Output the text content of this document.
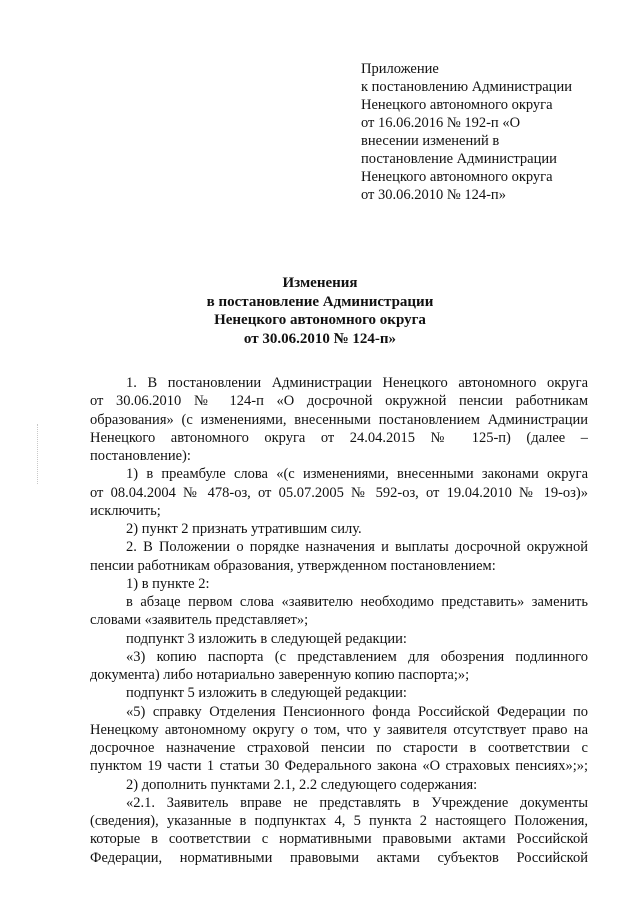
Приложение
к постановлению Администрации
Ненецкого автономного округа
от 16.06.2016 № 192-п «О
внесении изменений в
постановление Администрации
Ненецкого автономного округа
от 30.06.2010 № 124-п»
Изменения
в постановление Администрации
Ненецкого автономного округа
от 30.06.2010 № 124-п»
1. В постановлении Администрации Ненецкого автономного округа
от 30.06.2010 № 124-п «О досрочной окружной пенсии работникам
образования» (с изменениями, внесенными постановлением Администрации
Ненецкого автономного округа от 24.04.2015 № 125-п) (далее –
постановление):
1) в преамбуле слова «(с изменениями, внесенными законами округа
от 08.04.2004 № 478-оз, от 05.07.2005 № 592-оз, от 19.04.2010 № 19-оз)»
исключить;
2) пункт 2 признать утратившим силу.
2. В Положении о порядке назначения и выплаты досрочной окружной
пенсии работникам образования, утвержденном постановлением:
1) в пункте 2:
в абзаце первом слова «заявителю необходимо представить» заменить
словами «заявитель представляет»;
подпункт 3 изложить в следующей редакции:
«3) копию паспорта (с представлением для обозрения подлинного
документа) либо нотариально заверенную копию паспорта;»;
подпункт 5 изложить в следующей редакции:
«5) справку Отделения Пенсионного фонда Российской Федерации по
Ненецкому автономному округу о том, что у заявителя отсутствует право на
досрочное назначение страховой пенсии по старости в соответствии с
пунктом 19 части 1 статьи 30 Федерального закона «О страховых пенсиях»;»;
2) дополнить пунктами 2.1, 2.2 следующего содержания:
«2.1. Заявитель вправе не представлять в Учреждение документы
(сведения), указанные в подпунктах 4, 5 пункта 2 настоящего Положения,
которые в соответствии с нормативными правовыми актами Российской
Федерации, нормативными правовыми актами субъектов Российской
